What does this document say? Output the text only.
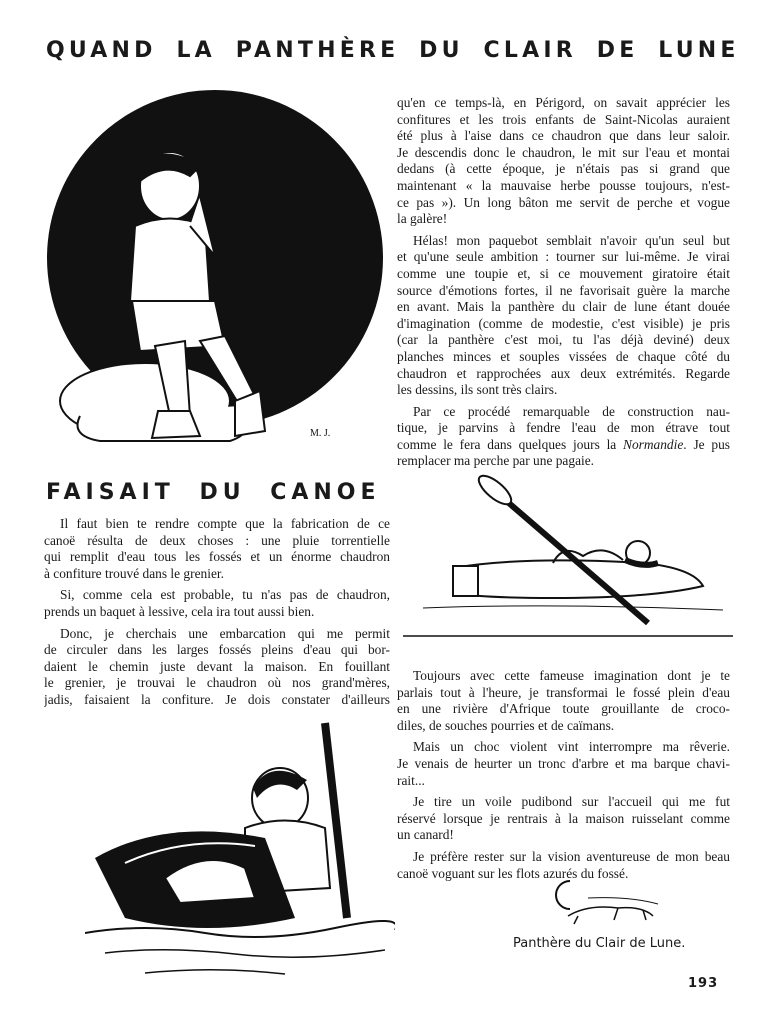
QUAND LA PANTHÈRE DU CLAIR DE LUNE
M. J.
qu'en ce temps-là, en Périgord, on savait apprécier les
confitures et les trois enfants de Saint-Nicolas auraient
été plus à l'aise dans ce chaudron que dans leur saloir.
Je descendis donc le chaudron, le mit sur l'eau et montai
dedans (à cette époque, je n'étais pas si grand que
maintenant « la mauvaise herbe pousse toujours, n'est-
ce pas »). Un long bâton me servit de perche et vogue
la galère!
Hélas! mon paquebot semblait n'avoir qu'un seul but
et qu'une seule ambition : tourner sur lui-même. Je virai
comme une toupie et, si ce mouvement giratoire était
source d'émotions fortes, il ne favorisait guère la marche
en avant. Mais la panthère du clair de lune étant douée
d'imagination (comme de modestie, c'est visible) je pris
(car la panthère c'est moi, tu l'as déjà deviné) deux
planches minces et souples vissées de chaque côté du
chaudron et rapprochées aux deux extrémités. Regarde
les dessins, ils sont très clairs.
Par ce procédé remarquable de construction nau-
tique, je parvins à fendre l'eau de mon étrave tout
comme le fera dans quelques jours la Normandie. Je pus
remplacer ma perche par une pagaie.
FAISAIT DU CANOE
Il faut bien te rendre compte que la fabrication de ce
canoë résulta de deux choses : une pluie torrentielle
qui remplit d'eau tous les fossés et un énorme chaudron
à confiture trouvé dans le grenier.
Si, comme cela est probable, tu n'as pas de chaudron,
prends un baquet à lessive, cela ira tout aussi bien.
Donc, je cherchais une embarcation qui me permit
de circuler dans les larges fossés pleins d'eau qui bor-
daient le chemin juste devant la maison. En fouillant
le grenier, je trouvai le chaudron où nos grand'mères,
jadis, faisaient la confiture. Je dois constater d'ailleurs
Toujours avec cette fameuse imagination dont je te
parlais tout à l'heure, je transformai le fossé plein d'eau
en une rivière d'Afrique toute grouillante de croco-
diles, de souches pourries et de caïmans.
Mais un choc violent vint interrompre ma rêverie.
Je venais de heurter un tronc d'arbre et ma barque chavi-
rait...
Je tire un voile pudibond sur l'accueil qui me fut
réservé lorsque je rentrais à la maison ruisselant comme
un canard!
Je préfère rester sur la vision aventureuse de mon beau
canoë voguant sur les flots azurés du fossé.
Panthère du Clair de Lune.
193
